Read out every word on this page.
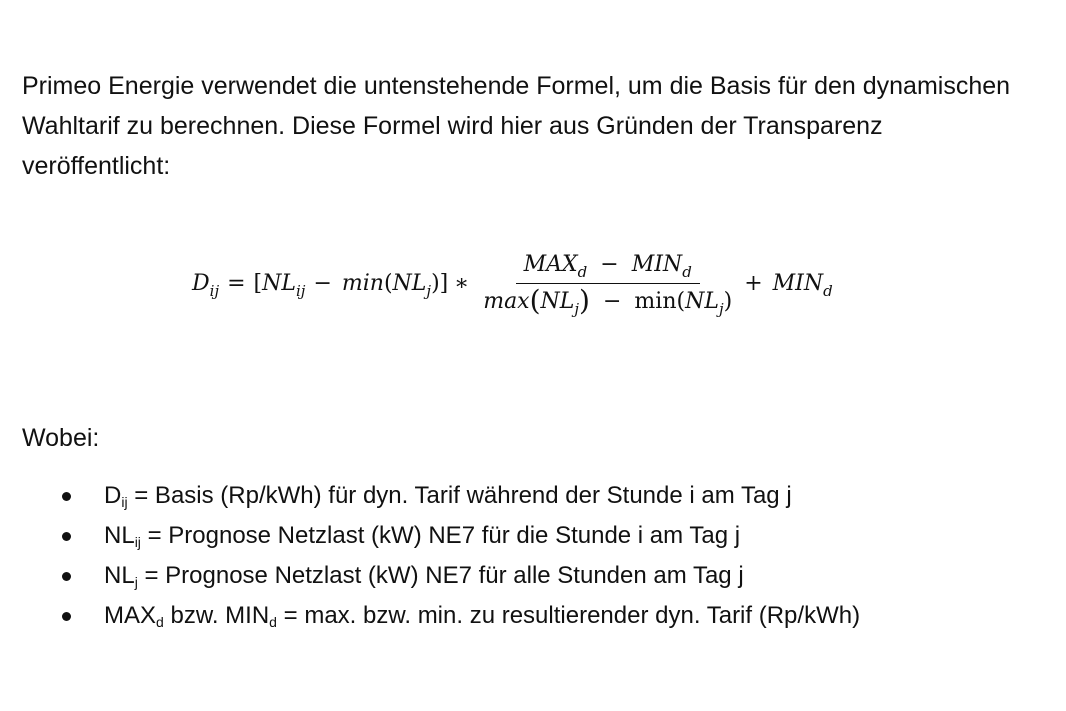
Primeo Energie verwendet die untenstehende Formel, um die Basis für den dynamischen Wahltarif zu berechnen. Diese Formel wird hier aus Gründen der Transparenz veröffentlicht:

$D_{ij}$ = [ $NL_{ij} - \min(NL_j)$ ] ∗ $\frac{MAX_d - MIN_d}{\max(NL_j) - \min(NL_j)} + MIN_d$

Wobei:

$D_{ij}$ = Basis (Rp/kWh) für dyn. Tarif während der Stunde i am Tag j
$NL_{ij}$ = Prognose Netzlast (kW) NE7 für die Stunde i am Tag j
$NL_j$ = Prognose Netzlast (kW) NE7 für alle Stunden am Tag j
$MAX_d$ bzw. $MIN_d = \max$. bzw. min. zu resultierender dyn. Tarif (Rp/kWh)
